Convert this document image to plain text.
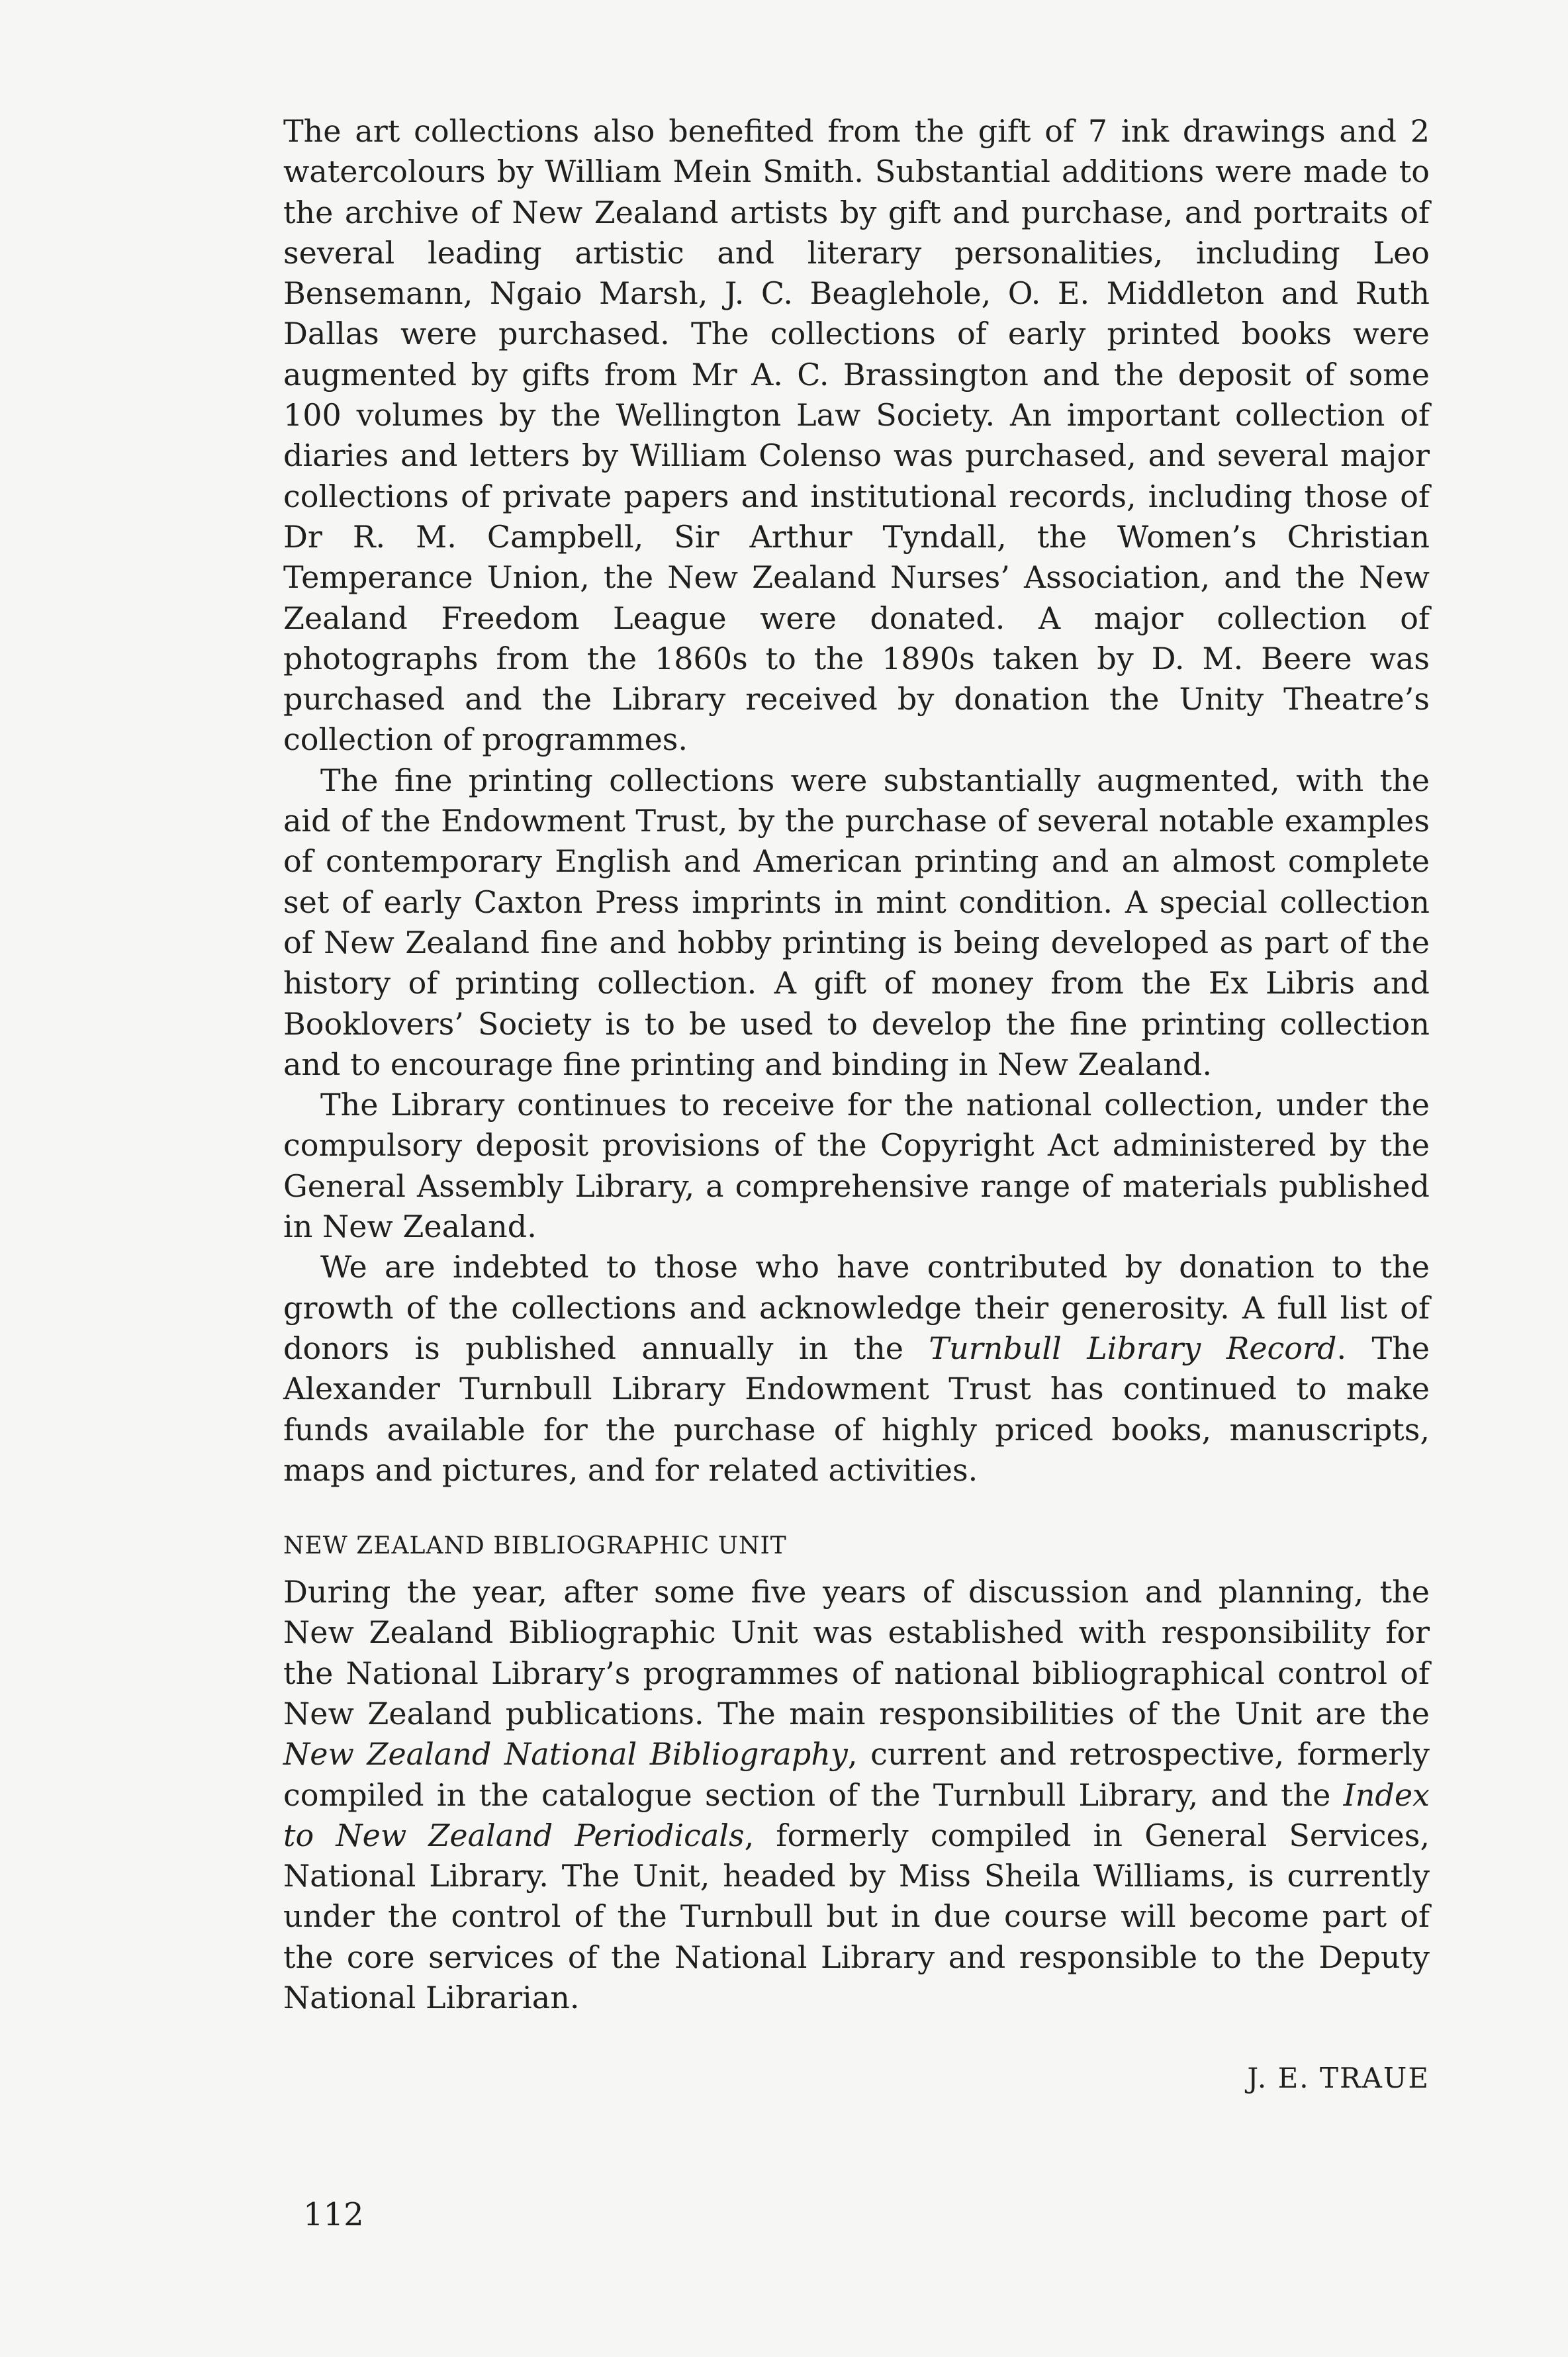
The art collections also benefited from the gift of 7 ink drawings and 2 watercolours by William Mein Smith. Substantial additions were made to the archive of New Zealand artists by gift and purchase, and portraits of several leading artistic and literary personalities, including Leo Bensemann, Ngaio Marsh, J. C. Beaglehole, O. E. Middleton and Ruth Dallas were purchased. The collections of early printed books were augmented by gifts from Mr A. C. Brassington and the deposit of some 100 volumes by the Wellington Law Society. An important collection of diaries and letters by William Colenso was purchased, and several major collections of private papers and institutional records, including those of Dr R. M. Campbell, Sir Arthur Tyndall, the Women’s Christian Temperance Union, the New Zealand Nurses’ Association, and the New Zealand Freedom League were donated. A major collection of photographs from the 1860s to the 1890s taken by D. M. Beere was purchased and the Library received by donation the Unity Theatre’s collection of programmes.

The fine printing collections were substantially augmented, with the aid of the Endowment Trust, by the purchase of several notable examples of contemporary English and American printing and an almost complete set of early Caxton Press imprints in mint condition. A special collection of New Zealand fine and hobby printing is being developed as part of the history of printing collection. A gift of money from the Ex Libris and Booklovers’ Society is to be used to develop the fine printing collection and to encourage fine printing and binding in New Zealand.

The Library continues to receive for the national collection, under the compulsory deposit provisions of the Copyright Act administered by the General Assembly Library, a comprehensive range of materials published in New Zealand.

We are indebted to those who have contributed by donation to the growth of the collections and acknowledge their generosity. A full list of donors is published annually in the Turnbull Library Record. The Alexander Turnbull Library Endowment Trust has continued to make funds available for the purchase of highly priced books, manuscripts, maps and pictures, and for related activities.

NEW ZEALAND BIBLIOGRAPHIC UNIT

During the year, after some five years of discussion and planning, the New Zealand Bibliographic Unit was established with responsibility for the National Library’s programmes of national bibliographical control of New Zealand publications. The main responsibilities of the Unit are the New Zealand National Bibliography, current and retrospective, formerly compiled in the catalogue section of the Turnbull Library, and the Index to New Zealand Periodicals, formerly compiled in General Services, National Library. The Unit, headed by Miss Sheila Williams, is currently under the control of the Turnbull but in due course will become part of the core services of the National Library and responsible to the Deputy National Librarian.

J. E. TRAUE
112
